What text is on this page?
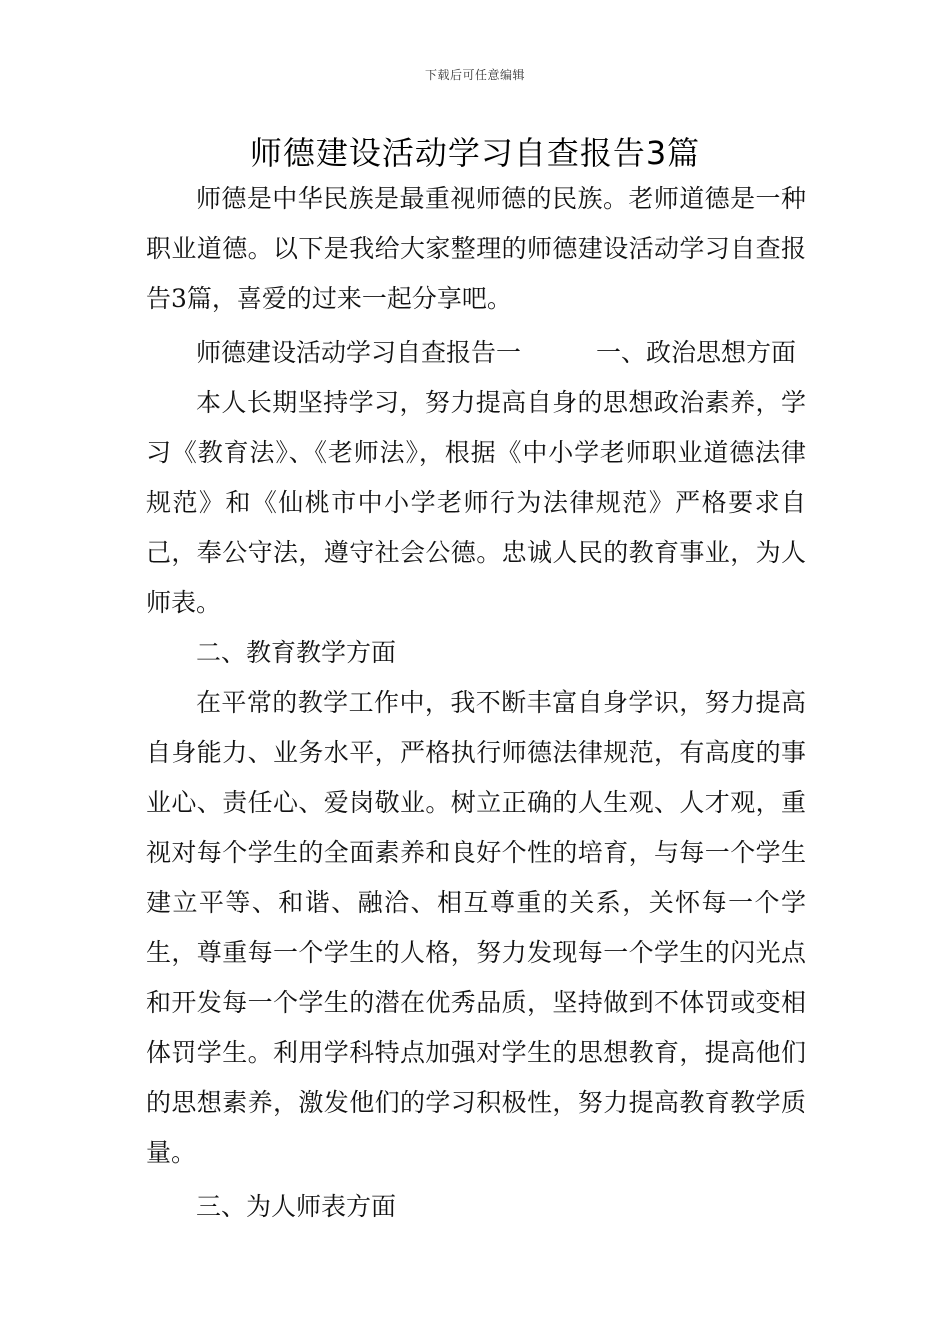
下载后可任意编辑
师德建设活动学习自查报告3篇

师德是中华民族是最重视师德的民族。老师道德是一种职业道德。以下是我给大家整理的师德建设活动学习自查报告3篇，喜爱的过来一起分享吧。

师德建设活动学习自查报告一　　　一、政治思想方面

本人长期坚持学习，努力提高自身的思想政治素养，学习《教育法》、《老师法》，根据《中小学老师职业道德法律规范》和《仙桃市中小学老师行为法律规范》严格要求自己，奉公守法，遵守社会公德。忠诚人民的教育事业，为人师表。

二、教育教学方面

在平常的教学工作中，我不断丰富自身学识，努力提高自身能力、业务水平，严格执行师德法律规范，有高度的事业心、责任心、爱岗敬业。树立正确的人生观、人才观，重视对每个学生的全面素养和良好个性的培育，与每一个学生建立平等、和谐、融洽、相互尊重的关系，关怀每一个学生，尊重每一个学生的人格，努力发现每一个学生的闪光点和开发每一个学生的潜在优秀品质，坚持做到不体罚或变相体罚学生。利用学科特点加强对学生的思想教育，提高他们的思想素养，激发他们的学习积极性，努力提高教育教学质量。

三、为人师表方面
